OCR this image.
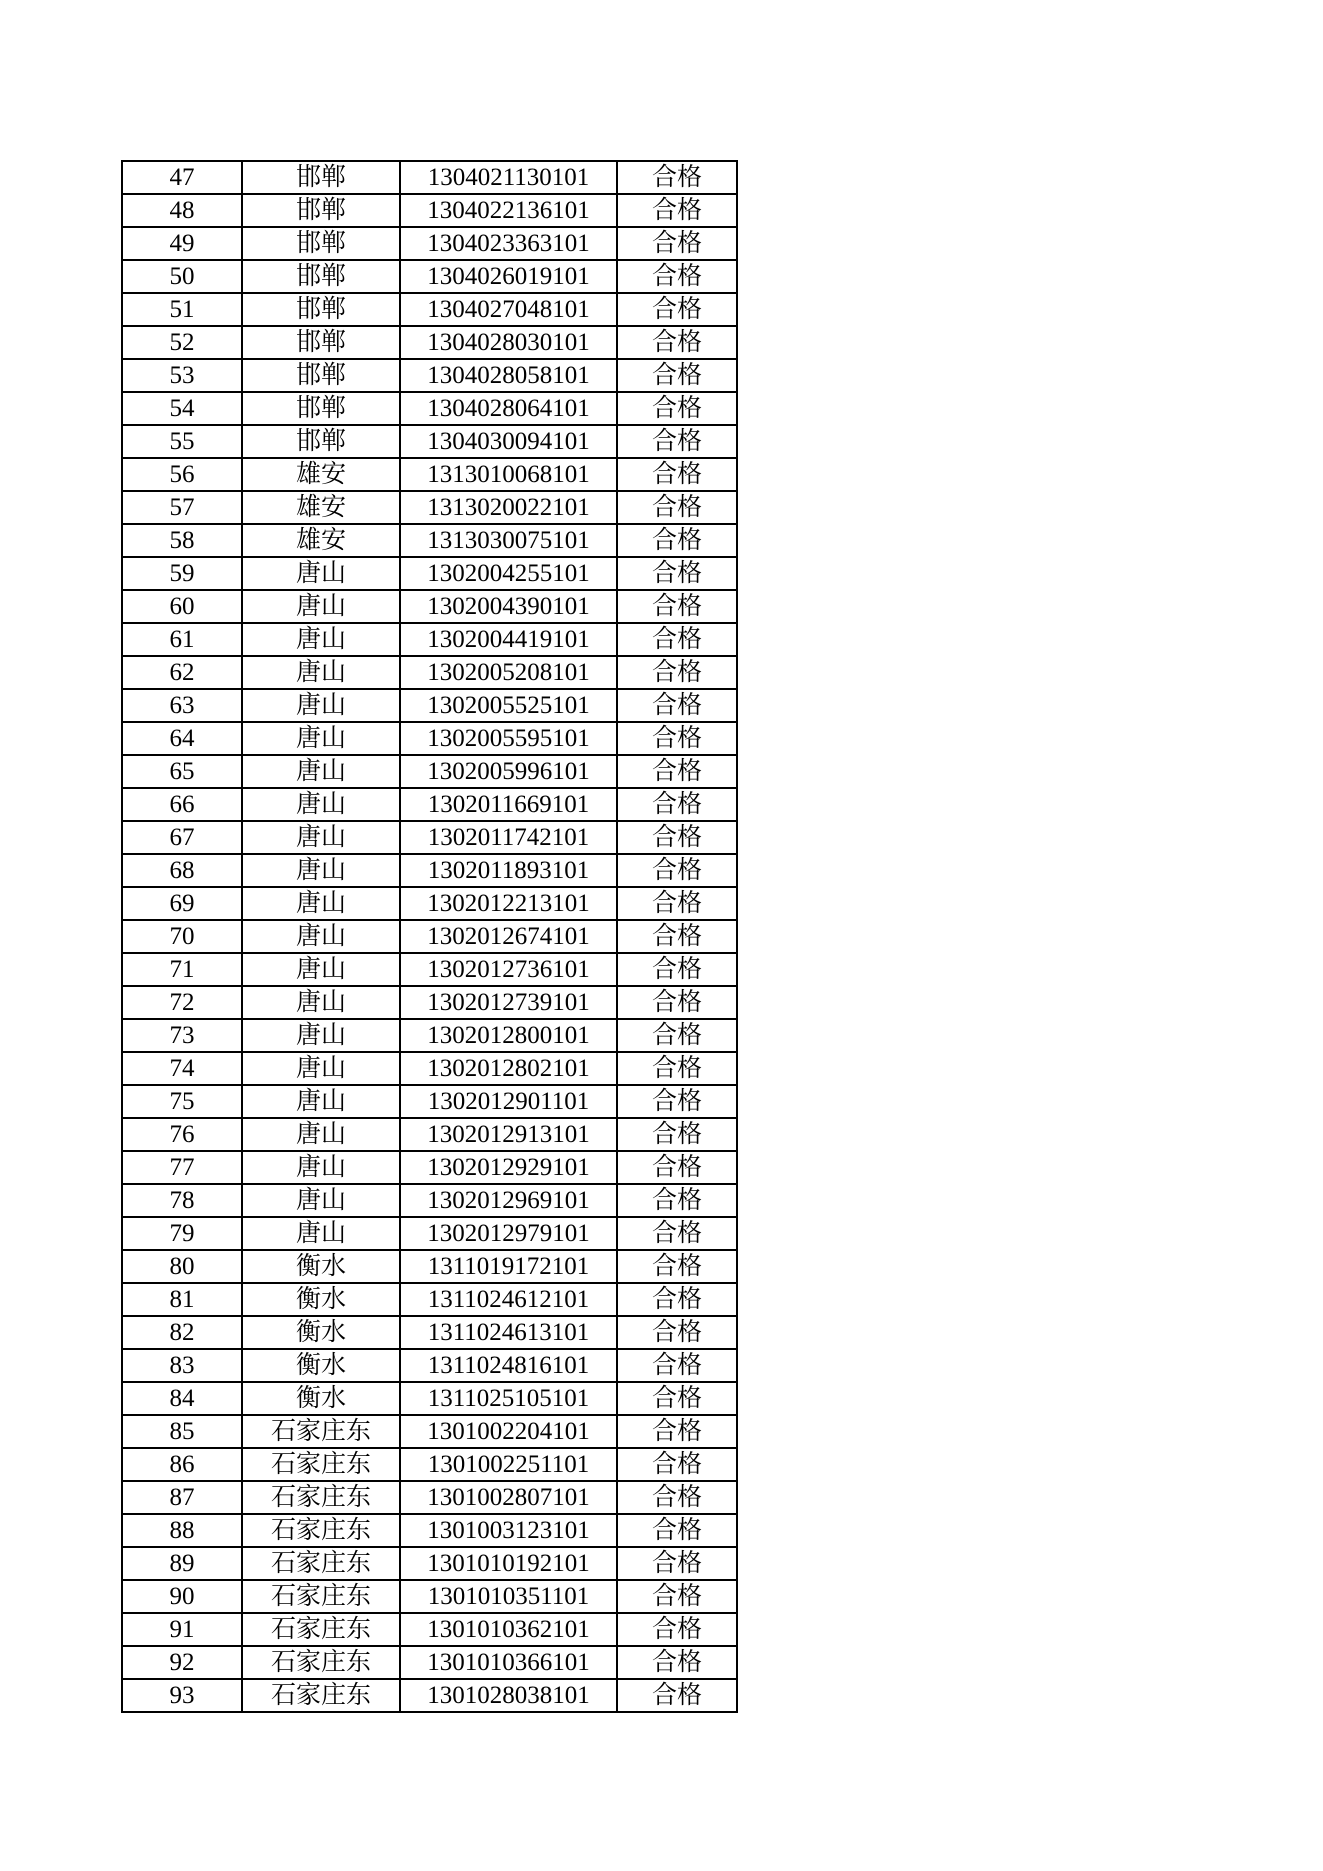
47	邯郸	1304021130101	合格
48	邯郸	1304022136101	合格
49	邯郸	1304023363101	合格
50	邯郸	1304026019101	合格
51	邯郸	1304027048101	合格
52	邯郸	1304028030101	合格
53	邯郸	1304028058101	合格
54	邯郸	1304028064101	合格
55	邯郸	1304030094101	合格
56	雄安	1313010068101	合格
57	雄安	1313020022101	合格
58	雄安	1313030075101	合格
59	唐山	1302004255101	合格
60	唐山	1302004390101	合格
61	唐山	1302004419101	合格
62	唐山	1302005208101	合格
63	唐山	1302005525101	合格
64	唐山	1302005595101	合格
65	唐山	1302005996101	合格
66	唐山	1302011669101	合格
67	唐山	1302011742101	合格
68	唐山	1302011893101	合格
69	唐山	1302012213101	合格
70	唐山	1302012674101	合格
71	唐山	1302012736101	合格
72	唐山	1302012739101	合格
73	唐山	1302012800101	合格
74	唐山	1302012802101	合格
75	唐山	1302012901101	合格
76	唐山	1302012913101	合格
77	唐山	1302012929101	合格
78	唐山	1302012969101	合格
79	唐山	1302012979101	合格
80	衡水	1311019172101	合格
81	衡水	1311024612101	合格
82	衡水	1311024613101	合格
83	衡水	1311024816101	合格
84	衡水	1311025105101	合格
85	石家庄东	1301002204101	合格
86	石家庄东	1301002251101	合格
87	石家庄东	1301002807101	合格
88	石家庄东	1301003123101	合格
89	石家庄东	1301010192101	合格
90	石家庄东	1301010351101	合格
91	石家庄东	1301010362101	合格
92	石家庄东	1301010366101	合格
93	石家庄东	1301028038101	合格
